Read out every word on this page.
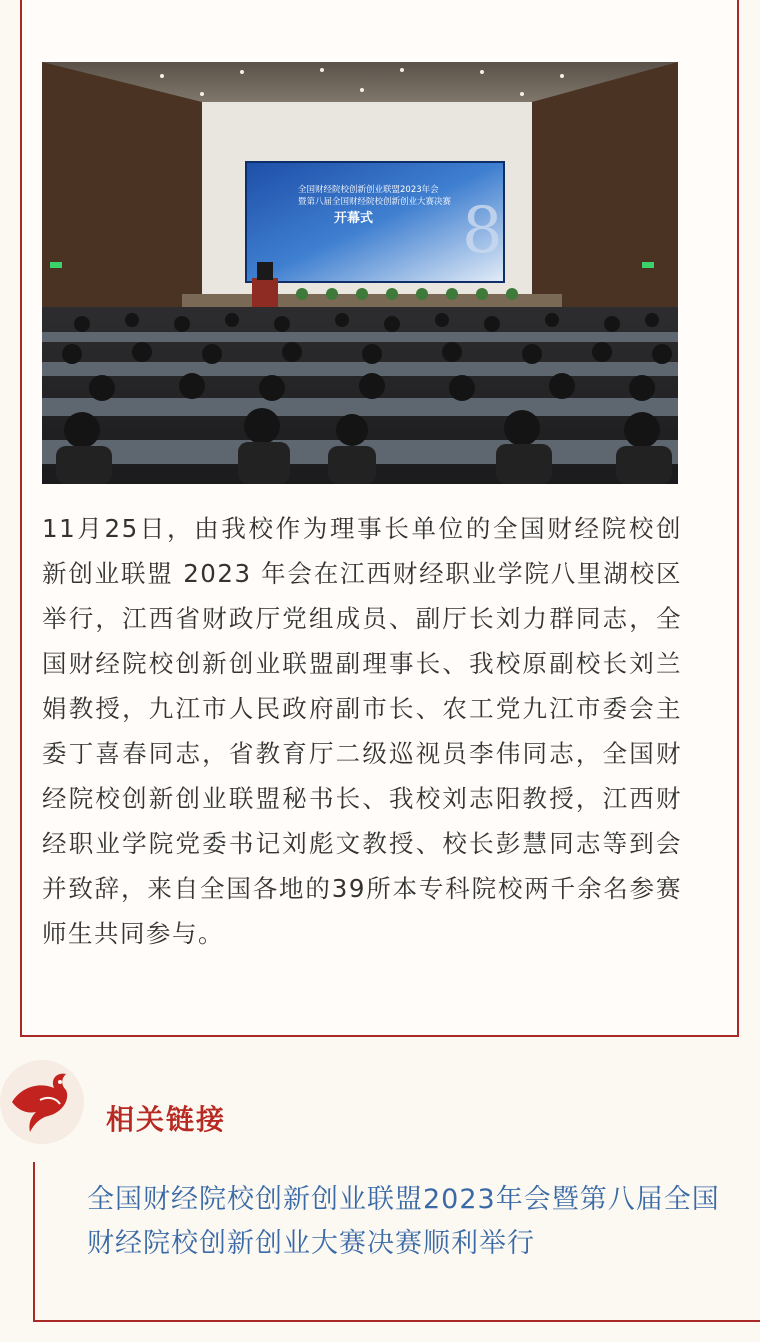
全国财经院校创新创业联盟2023年会
暨第八届全国财经院校创新创业大赛决赛
开幕式 8

11月25日，由我校作为理事长单位的全国财经院校创新创业联盟 2023 年会在江西财经职业学院八里湖校区举行，江西省财政厅党组成员、副厅长刘力群同志，全国财经院校创新创业联盟副理事长、我校原副校长刘兰娟教授，九江市人民政府副市长、农工党九江市委会主委丁喜春同志，省教育厅二级巡视员李伟同志，全国财经院校创新创业联盟秘书长、我校刘志阳教授，江西财经职业学院党委书记刘彪文教授、校长彭慧同志等到会并致辞，来自全国各地的39所本专科院校两千余名参赛师生共同参与。

相关链接
全国财经院校创新创业联盟2023年会暨第八届全国财经院校创新创业大赛决赛顺利举行
